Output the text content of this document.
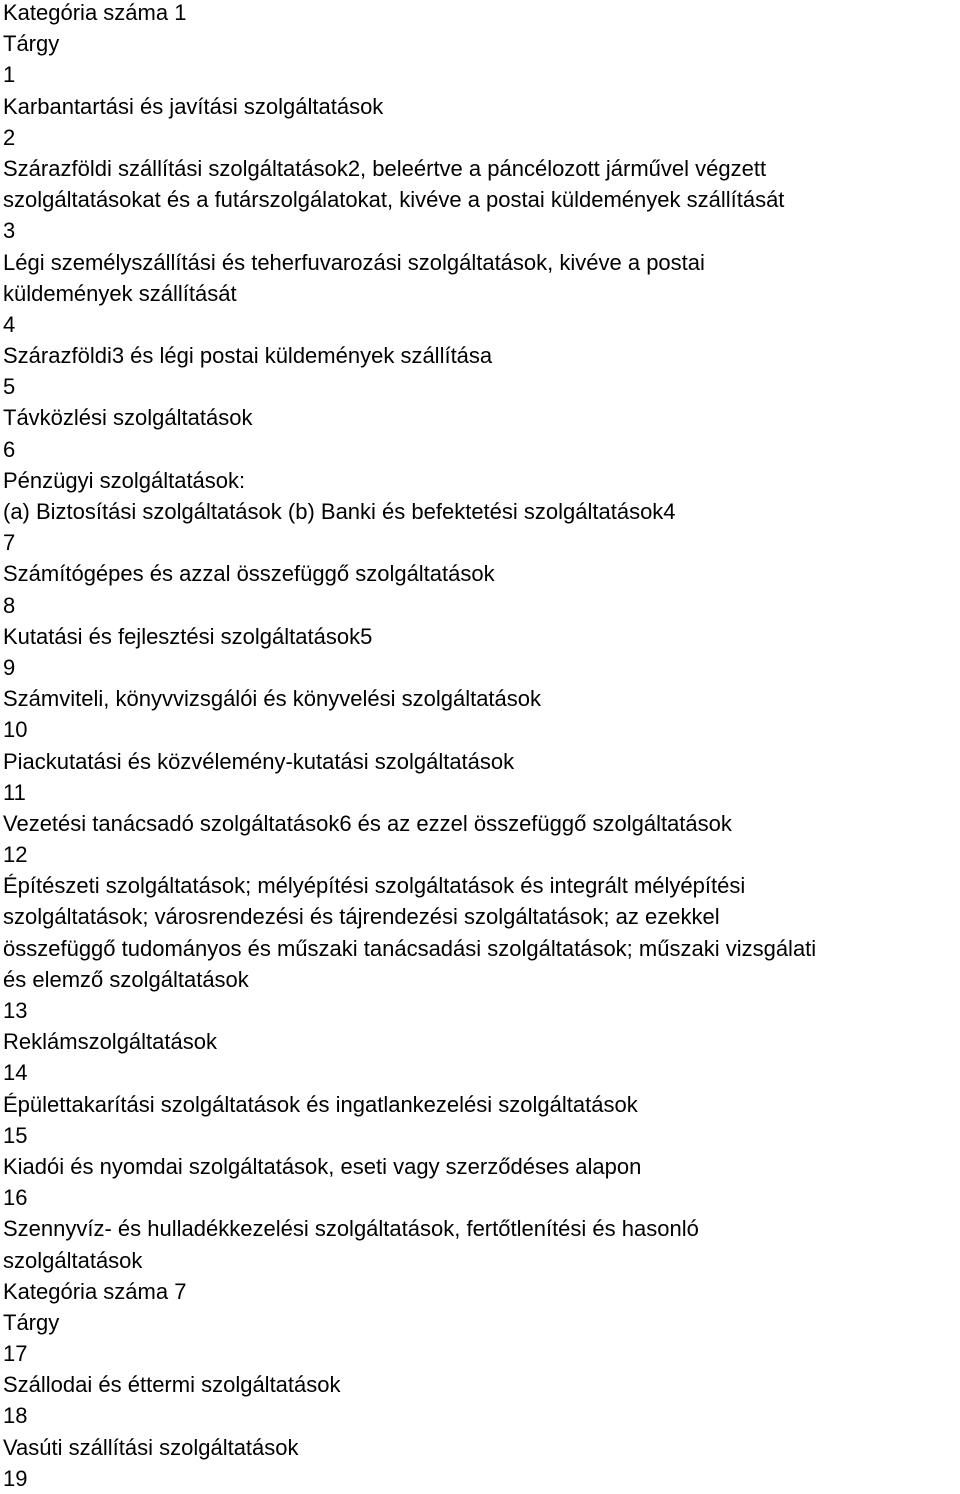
Kategória száma 1
Tárgy
1
Karbantartási és javítási szolgáltatások
2
Szárazföldi szállítási szolgáltatások2, beleértve a páncélozott járművel végzett
szolgáltatásokat és a futárszolgálatokat, kivéve a postai küldemények szállítását
3
Légi személyszállítási és teherfuvarozási szolgáltatások, kivéve a postai
küldemények szállítását
4
Szárazföldi3 és légi postai küldemények szállítása
5
Távközlési szolgáltatások
6
Pénzügyi szolgáltatások:
(a) Biztosítási szolgáltatások (b) Banki és befektetési szolgáltatások4
7
Számítógépes és azzal összefüggő szolgáltatások
8
Kutatási és fejlesztési szolgáltatások5
9
Számviteli, könyvvizsgálói és könyvelési szolgáltatások
10
Piackutatási és közvélemény-kutatási szolgáltatások
11
Vezetési tanácsadó szolgáltatások6 és az ezzel összefüggő szolgáltatások
12
Építészeti szolgáltatások; mélyépítési szolgáltatások és integrált mélyépítési
szolgáltatások; városrendezési és tájrendezési szolgáltatások; az ezekkel
összefüggő tudományos és műszaki tanácsadási szolgáltatások; műszaki vizsgálati
és elemző szolgáltatások
13
Reklámszolgáltatások
14
Épülettakarítási szolgáltatások és ingatlankezelési szolgáltatások
15
Kiadói és nyomdai szolgáltatások, eseti vagy szerződéses alapon
16
Szennyvíz- és hulladékkezelési szolgáltatások, fertőtlenítési és hasonló
szolgáltatások
Kategória száma 7
Tárgy
17
Szállodai és éttermi szolgáltatások
18
Vasúti szállítási szolgáltatások
19
